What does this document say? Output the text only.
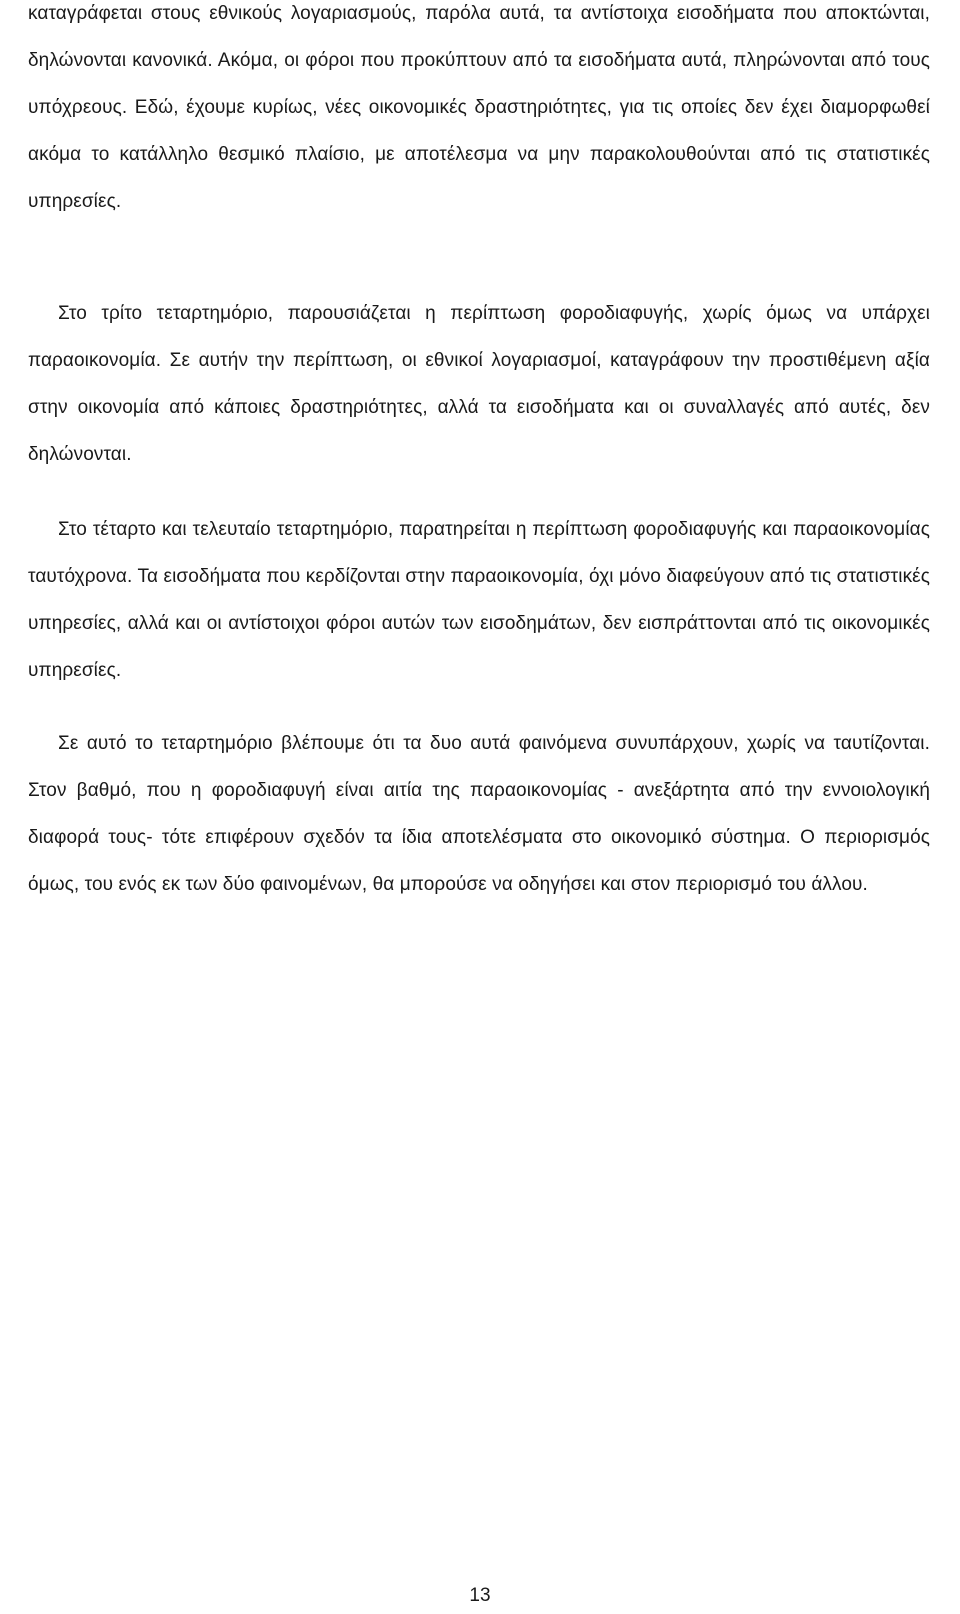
καταγράφεται στους εθνικούς λογαριασμούς, παρόλα αυτά, τα αντίστοιχα εισοδήματα που αποκτώνται, δηλώνονται κανονικά. Ακόμα, οι φόροι που προκύπτουν από τα εισοδήματα αυτά, πληρώνονται από τους υπόχρεους. Εδώ, έχουμε κυρίως, νέες οικονομικές δραστηριότητες, για τις οποίες δεν έχει διαμορφωθεί ακόμα το κατάλληλο θεσμικό πλαίσιο, με αποτέλεσμα να μην παρακολουθούνται από τις στατιστικές υπηρεσίες.

Στο τρίτο τεταρτημόριο, παρουσιάζεται η περίπτωση φοροδιαφυγής, χωρίς όμως να υπάρχει παραοικονομία. Σε αυτήν την περίπτωση, οι εθνικοί λογαριασμοί, καταγράφουν την προστιθέμενη αξία στην οικονομία από κάποιες δραστηριότητες, αλλά τα εισοδήματα και οι συναλλαγές από αυτές, δεν δηλώνονται.

Στο τέταρτο και τελευταίο τεταρτημόριο, παρατηρείται η περίπτωση φοροδιαφυγής και παραοικονομίας ταυτόχρονα. Τα εισοδήματα που κερδίζονται στην παραοικονομία, όχι μόνο διαφεύγουν από τις στατιστικές υπηρεσίες, αλλά και οι αντίστοιχοι φόροι αυτών των εισοδημάτων, δεν εισπράττονται από τις οικονομικές υπηρεσίες.

Σε αυτό το τεταρτημόριο βλέπουμε ότι τα δυο αυτά φαινόμενα συνυπάρχουν, χωρίς να ταυτίζονται. Στον βαθμό, που η φοροδιαφυγή είναι αιτία της παραοικονομίας - ανεξάρτητα από την εννοιολογική διαφορά τους- τότε επιφέρουν σχεδόν τα ίδια αποτελέσματα στο οικονομικό σύστημα. Ο περιορισμός όμως, του ενός εκ των δύο φαινομένων, θα μπορούσε να οδηγήσει και στον περιορισμό του άλλου.

13
